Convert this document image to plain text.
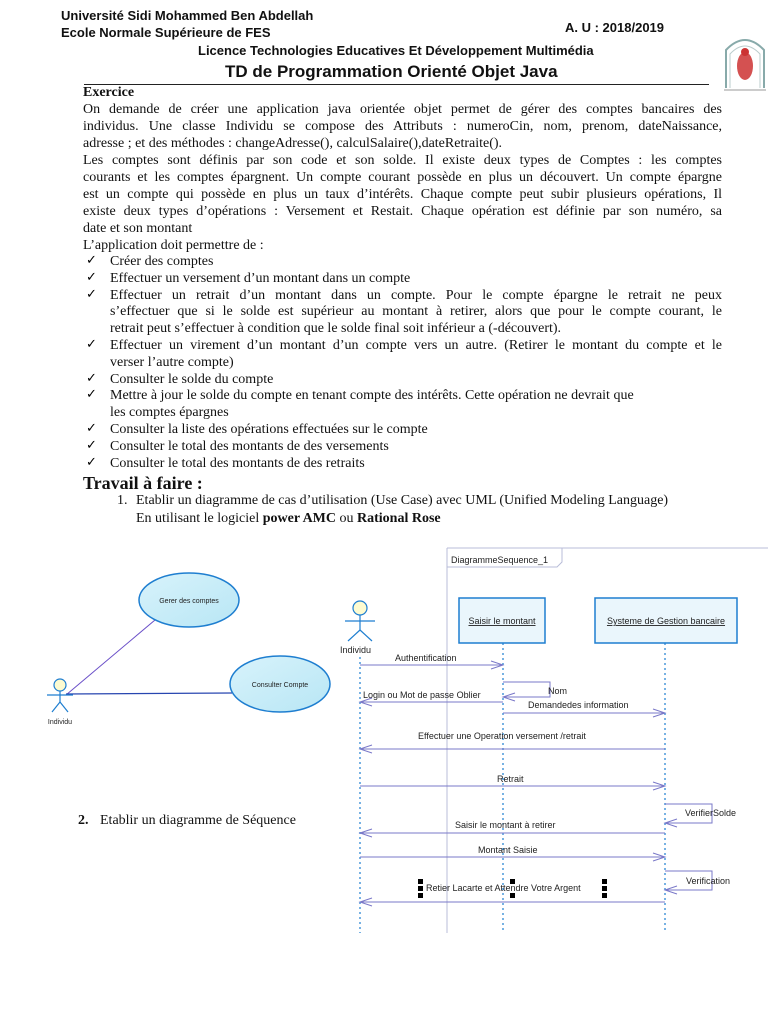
Université Sidi Mohammed Ben Abdellah
Ecole Normale Supérieure de FES	A. U : 2018/2019
Licence Technologies Educatives Et Développement Multimédia
TD de Programmation Orienté Objet Java
Exercice
On demande de créer une application java orientée objet permet de gérer des comptes bancaires des
individus. Une classe Individu se compose des Attributs : numeroCin, nom, prenom, dateNaissance,
adresse ; et des méthodes : changeAdresse(), calculSalaire(),dateRetraite().
Les comptes sont définis par son code et son solde. Il existe deux types de Comptes : les comptes
courants et les comptes épargnent. Un compte courant possède en plus un découvert. Un compte épargne
est un compte qui possède en plus un taux d’intérêts. Chaque compte peut subir plusieurs opérations, Il
existe deux types d’opérations : Versement et Restait. Chaque opération est définie par son numéro, sa
date et son montant
L’application doit permettre de :
✓ Créer des comptes
✓ Effectuer un versement d’un montant dans un compte
✓ Effectuer un retrait d’un montant dans un compte. Pour le compte épargne le retrait ne peux
s’effectuer que si le solde est supérieur au montant à retirer, alors que pour le compte courant, le
retrait peut s’effectuer à condition que le solde final soit inférieur a (-découvert).
✓ Effectuer un virement d’un montant d’un compte vers un autre. (Retirer le montant du compte et le
verser l’autre compte)
✓ Consulter le solde du compte
✓ Mettre à jour le solde du compte en tenant compte des intérêts. Cette opération ne devrait que
les comptes épargnes
✓ Consulter la liste des opérations effectuées sur le compte
✓ Consulter le total des montants de des versements
✓ Consulter le total des montants de des retraits
Travail à faire :
1. Etablir un diagramme de cas d’utilisation (Use Case) avec UML (Unified Modeling Language)
En utilisant le logiciel power AMC ou Rational Rose
2. Etablir un diagramme de Séquence
Gerer des comptes
Consulter Compte
Individu
DiagrammeSequence_1
Individu
Saisir le montant	Systeme de Gestion bancaire
Authentification
Nom
Login ou Mot de passe Oblier
Demandedes information
Effectuer une Operation versement /retrait
Retrait
VerifierSolde
Saisir le montant à retirer
Montant Saisie
Verification
Retier Lacarte et Attendre Votre Argent
